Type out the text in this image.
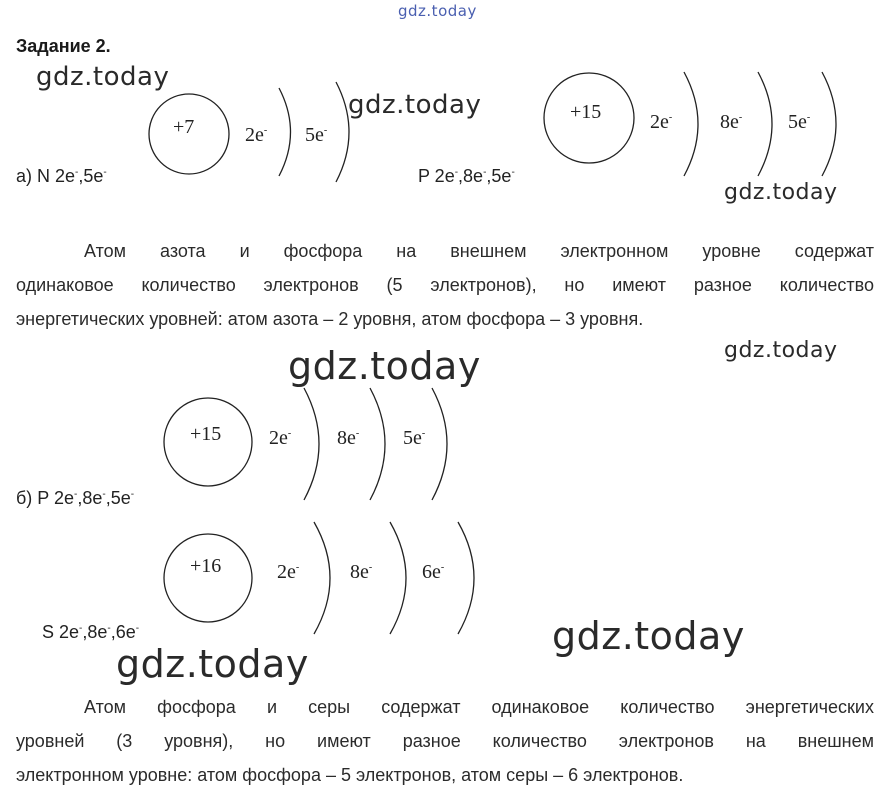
gdz.today
Задание 2.
gdz.today
gdz.today
gdz.today
gdz.today
gdz.today
gdz.today
gdz.today
+7	2e- 5e-
+15 2e- 8e- 5e-
+15 2e- 8e- 5e-
+16	2e-	8e- 6e-
а) N 2e-,5e-	P 2e-,8e-,5e-
б) P 2e-,8e-,5e-
S 2e-,8e-,6e-
Атом азота и фосфора на внешнем электронном уровне содержат
одинаковое количество электронов (5 электронов), но имеют разное количество
энергетических уровней: атом азота – 2 уровня, атом фосфора – 3 уровня.
Атом фосфора и серы содержат одинаковое количество энергетических
уровней (3 уровня), но имеют разное количество электронов на внешнем
электронном уровне: атом фосфора – 5 электронов, атом серы – 6 электронов.
